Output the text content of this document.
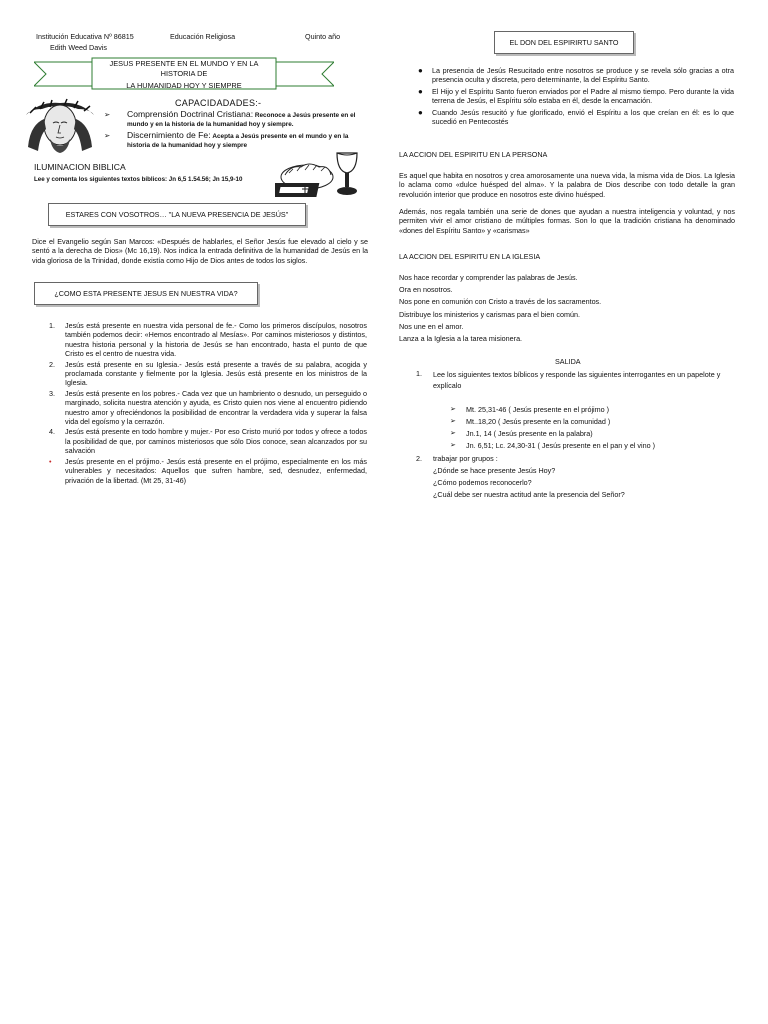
Institución Educativa Nº 86815	Educación Religiosa	Quinto año
Edith Weed Davis
JESUS PRESENTE EN EL MUNDO Y EN LA HISTORIA DE
LA HUMANIDAD HOY Y SIEMPRE
CAPACIDADADES:-
➢	Comprensión Doctrinal Cristiana: Reconoce a Jesús presente en el mundo y en la historia de la humanidad hoy y siempre.
➢	Discernimiento de Fe: Acepta a Jesús presente en el mundo y en la historia de la humanidad hoy y siempre
ILUMINACION BIBLICA
Lee y comenta los siguientes textos bíblicos: Jn 6,5 1.54.56; Jn 15,9-10
ESTARES CON VOSOTROS… "LA NUEVA PRESENCIA DE JESÚS"
Dice el Evangelio según San Marcos: «Después de hablarles, el Señor Jesús fue elevado al cielo y se sentó a la derecha de Dios» (Mc 16,19). Nos indica la entrada definitiva de la humanidad de Jesús en la vida gloriosa de la Trinidad, donde existía como Hijo de Dios antes de todos los siglos.
¿COMO ESTA PRESENTE JESUS EN NUESTRA VIDA?
1. Jesús está presente en nuestra vida personal de fe.- Como los primeros discípulos, nosotros también podemos decir: «Hemos encontrado al Mesías». Por caminos misteriosos y distintos, nuestra historia personal y la historia de Jesús se han encontrado, hasta el punto de que Cristo es el centro de nuestra vida.
2. Jesús está presente en su Iglesia.- Jesús está presente a través de su palabra, acogida y proclamada constante y fielmente por la Iglesia. Jesús está presente en los ministros de la Iglesia.
3. Jesús está presente en los pobres.- Cada vez que un hambriento o desnudo, un perseguido o marginado, solicita nuestra atención y ayuda, es Cristo quien nos viene al encuentro pidiendo nuestro amor y ofreciéndonos la posibilidad de encontrar la verdadera vida y superar la falsa vida del egoísmo y la cerrazón.
4. Jesús está presente en todo hombre y mujer.- Por eso Cristo murió por todos y ofrece a todos la posibilidad de que, por caminos misteriosos que sólo Dios conoce, sean alcanzados por su salvación
• Jesús presente en el prójimo.- Jesús está presente en el prójimo, especialmente en los más vulnerables y necesitados: Aquellos que sufren hambre, sed, desnudez, enfermedad, privación de la libertad. (Mt 25, 31-46)
EL DON DEL ESPIRIRTU SANTO
● La presencia de Jesús Resucitado entre nosotros se produce y se revela sólo gracias a otra presencia oculta y discreta, pero determinante, la del Espíritu Santo.
● El Hijo y el Espíritu Santo fueron enviados por el Padre al mismo tiempo. Pero durante la vida terrena de Jesús, el Espíritu sólo estaba en él, desde la encarnación.
● Cuando Jesús resucitó y fue glorificado, envió el Espíritu a los que creían en él: es lo que sucedió en Pentecostés
LA ACCION DEL ESPIRITU EN LA PERSONA
Es aquel que habita en nosotros y crea amorosamente una nueva vida, la misma vida de Dios. La Iglesia lo aclama como «dulce huésped del alma». Y la palabra de Dios describe con todo detalle la gran revolución interior que produce en nosotros este divino huésped.
Además, nos regala también una serie de dones que ayudan a nuestra inteligencia y voluntad, y nos permiten vivir el amor cristiano de múltiples formas. Son lo que la tradición cristiana ha denominado «dones del Espíritu Santo» y «carismas»
LA ACCION DEL ESPIRITU EN LA IGLESIA
Nos hace recordar y comprender las palabras de Jesús.
Ora en nosotros.
Nos pone en comunión con Cristo a través de los sacramentos.
Distribuye los ministerios y carismas para el bien común.
Nos une en el amor.
Lanza a la Iglesia a la tarea misionera.
SALIDA
1.	Lee los siguientes textos bíblicos y responde las siguientes interrogantes en un papelote y explícalo
➢ Mt. 25,31-46 ( Jesús presente en el prójimo )
➢ Mt..18,20 ( Jesús presente en la comunidad )
➢ Jn.1, 14 ( Jesús presente en la palabra)
➢ Jn. 6,51; Lc. 24,30-31 ( Jesús presente en el pan y el vino )
2. trabajar por grupos :
¿Dónde se hace presente Jesús Hoy?
¿Cómo podemos reconocerlo?
¿Cuál debe ser nuestra actitud ante la presencia del Señor?
